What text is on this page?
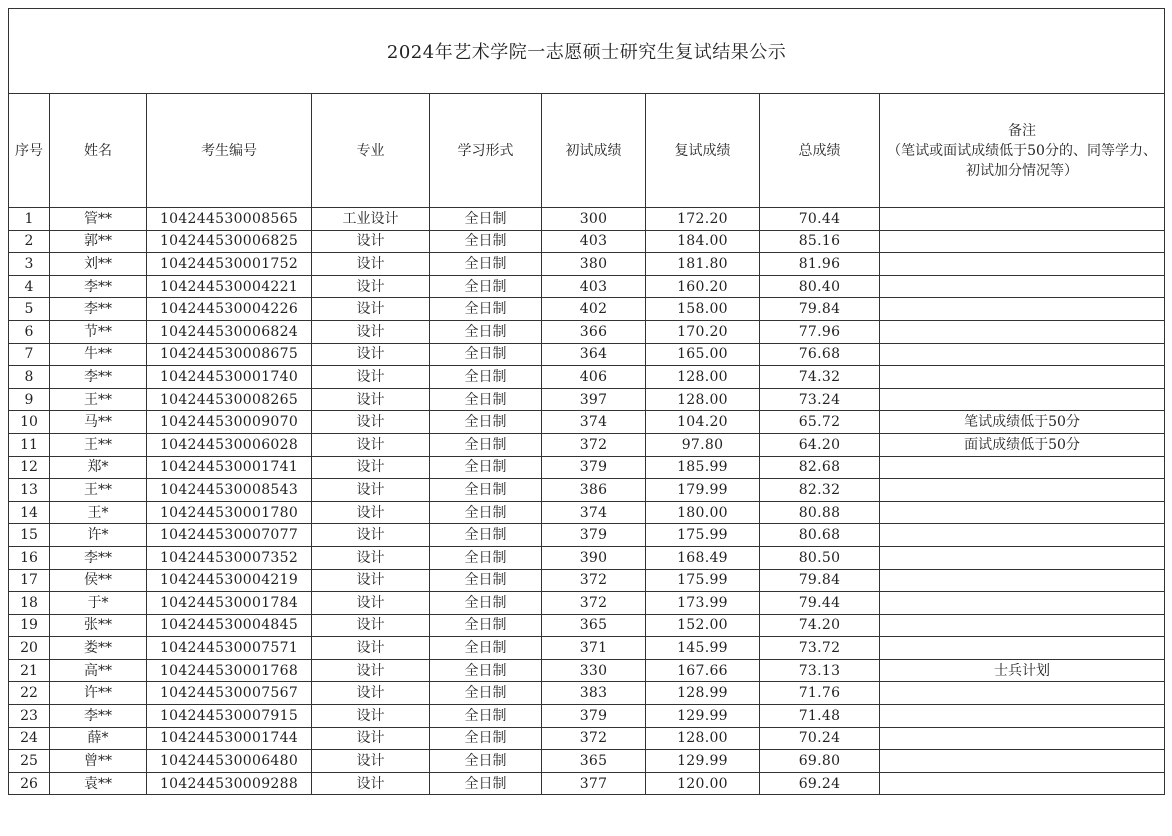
2024年艺术学院一志愿硕士研究生复试结果公示								
序号	姓名	考生编号	专业	学习形式	初试成绩	复试成绩	总成绩	备注
（笔试或面试成绩低于50分的、同等学力、初试加分情况等）

1	管**	104244530008565	工业设计	全日制	300	172.20	70.44	
2	郭**	104244530006825	设计	全日制	403	184.00	85.16	
3	刘**	104244530001752	设计	全日制	380	181.80	81.96	
4	李**	104244530004221	设计	全日制	403	160.20	80.40	
5	李**	104244530004226	设计	全日制	402	158.00	79.84	
6	节**	104244530006824	设计	全日制	366	170.20	77.96	
7	牛**	104244530008675	设计	全日制	364	165.00	76.68	
8	李**	104244530001740	设计	全日制	406	128.00	74.32	
9	王**	104244530008265	设计	全日制	397	128.00	73.24	
10	马**	104244530009070	设计	全日制	374	104.20	65.72	笔试成绩低于50分
11	王**	104244530006028	设计	全日制	372	97.80	64.20	面试成绩低于50分
12	郑*	104244530001741	设计	全日制	379	185.99	82.68	
13	王**	104244530008543	设计	全日制	386	179.99	82.32	
14	王*	104244530001780	设计	全日制	374	180.00	80.88	
15	许*	104244530007077	设计	全日制	379	175.99	80.68	
16	李**	104244530007352	设计	全日制	390	168.49	80.50	
17	侯**	104244530004219	设计	全日制	372	175.99	79.84	
18	于*	104244530001784	设计	全日制	372	173.99	79.44	
19	张**	104244530004845	设计	全日制	365	152.00	74.20	
20	娄**	104244530007571	设计	全日制	371	145.99	73.72	
21	高**	104244530001768	设计	全日制	330	167.66	73.13	士兵计划
22	许**	104244530007567	设计	全日制	383	128.99	71.76	
23	李**	104244530007915	设计	全日制	379	129.99	71.48	
24	薛*	104244530001744	设计	全日制	372	128.00	70.24	
25	曾**	104244530006480	设计	全日制	365	129.99	69.80	
26	袁**	104244530009288	设计	全日制	377	120.00	69.24	
